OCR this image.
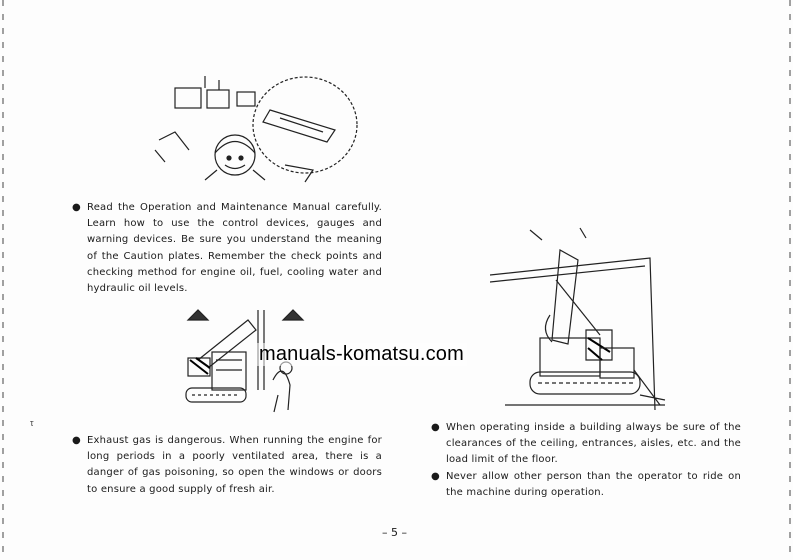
τ
● Read the Operation and Maintenance Manual carefully. Learn how to use the control devices, gauges and warning devices. Be sure you understand the meaning of the Caution plates. Remember the check points and checking method for engine oil, fuel, cooling water and hydraulic oil levels.

● Exhaust gas is dangerous. When running the engine for long periods in a poorly ventilated area, there is a danger of gas poisoning, so open the windows or doors to ensure a good supply of fresh air.

● When operating inside a building always be sure of the clearances of the ceiling, entrances, aisles, etc. and the load limit of the floor.

● Never allow other person than the operator to ride on the machine during operation.

manuals-komatsu.com
– 5 –
